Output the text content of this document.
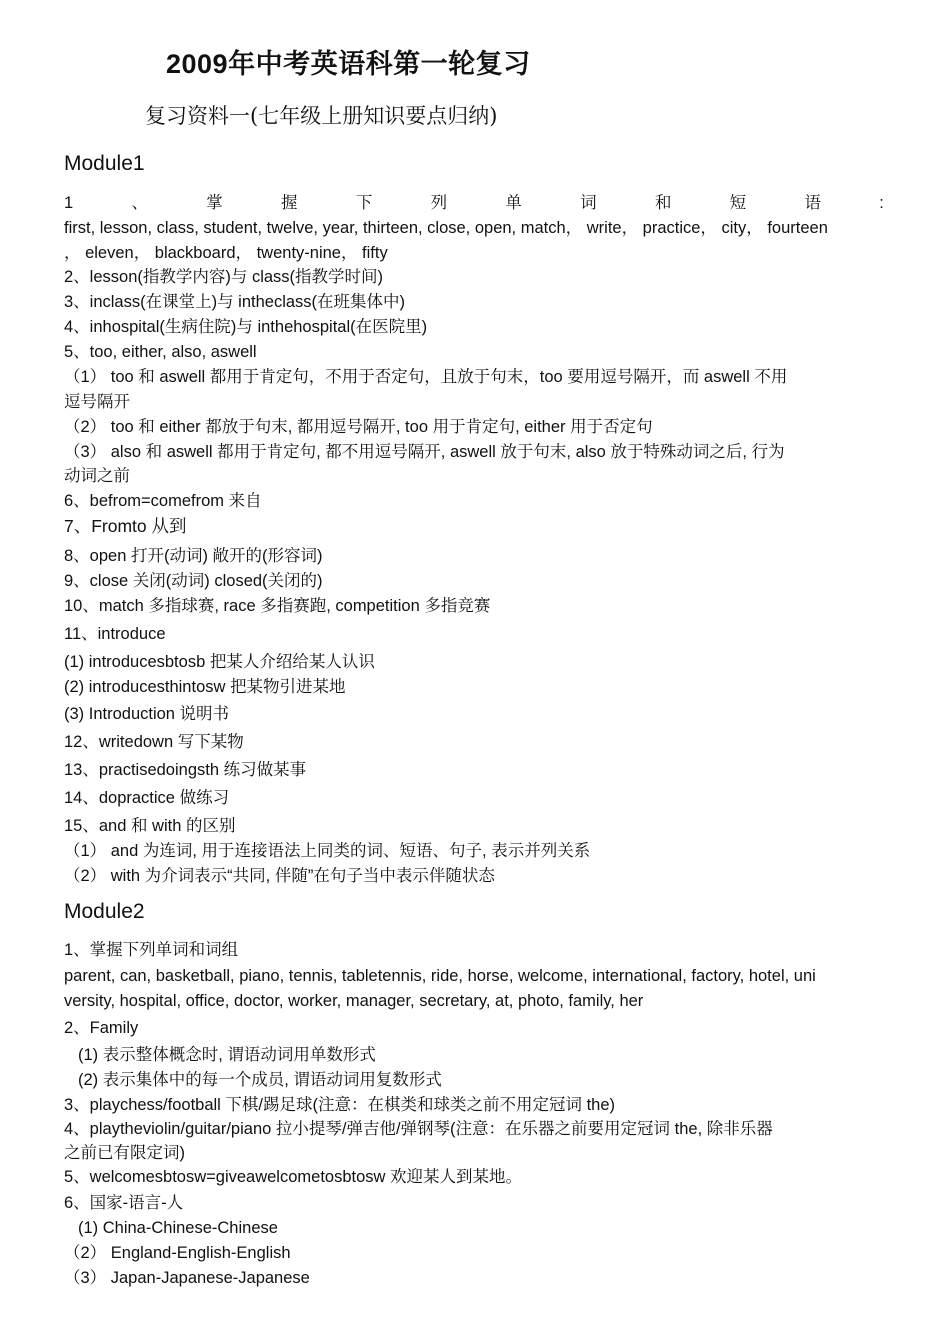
2009年中考英语科第一轮复习
复习资料一(七年级上册知识要点归纳)
Module1
1	、	掌	握	下	列	单	词	和	短	语	:
first, lesson, class, student, twelve, year, thirteen, close, open, match， write， practice， city， fourteen
， eleven， blackboard， twenty-nine， fifty
2、lesson(指教学内容)与 class(指教学时间)
3、inclass(在课堂上)与 intheclass(在班集体中)
4、inhospital(生病住院)与 inthehospital(在医院里)
5、too, either, also, aswell
（1） too 和 aswell 都用于肯定句，不用于否定句，且放于句末，too 要用逗号隔开，而 aswell 不用
逗号隔开
（2） too 和 either 都放于句末, 都用逗号隔开, too 用于肯定句, either 用于否定句
（3） also 和 aswell 都用于肯定句, 都不用逗号隔开, aswell 放于句末, also 放于特殊动词之后, 行为
动词之前
6、befrom=comefrom 来自
7、Fromto 从到
8、open 打开(动词) 敞开的(形容词)
9、close 关闭(动词) closed(关闭的)
10、match 多指球赛, race 多指赛跑, competition 多指竞赛
11、introduce
(1) introducesbtosb 把某人介绍给某人认识
(2) introducesthintosw 把某物引进某地
(3) Introduction 说明书
12、writedown 写下某物
13、practisedoingsth 练习做某事
14、dopractice 做练习
15、and 和 with 的区别
（1） and 为连词, 用于连接语法上同类的词、短语、句子, 表示并列关系
（2） with 为介词表示“共同, 伴随”在句子当中表示伴随状态
Module2
1、掌握下列单词和词组
parent, can, basketball, piano, tennis, tabletennis, ride, horse, welcome, international, factory, hotel, uni
versity, hospital, office, doctor, worker, manager, secretary, at, photo, family, her
2、Family
(1) 表示整体概念时, 谓语动词用单数形式
(2) 表示集体中的每一个成员, 谓语动词用复数形式
3、playchess/football 下棋/踢足球(注意：在棋类和球类之前不用定冠词 the)
4、playtheviolin/guitar/piano 拉小提琴/弹吉他/弹钢琴(注意：在乐器之前要用定冠词 the, 除非乐器
之前已有限定词)
5、welcomesbtosw=giveawelcometosbtosw 欢迎某人到某地。
6、国家-语言-人
(1) China-Chinese-Chinese
（2） England-English-English
（3） Japan-Japanese-Japanese
